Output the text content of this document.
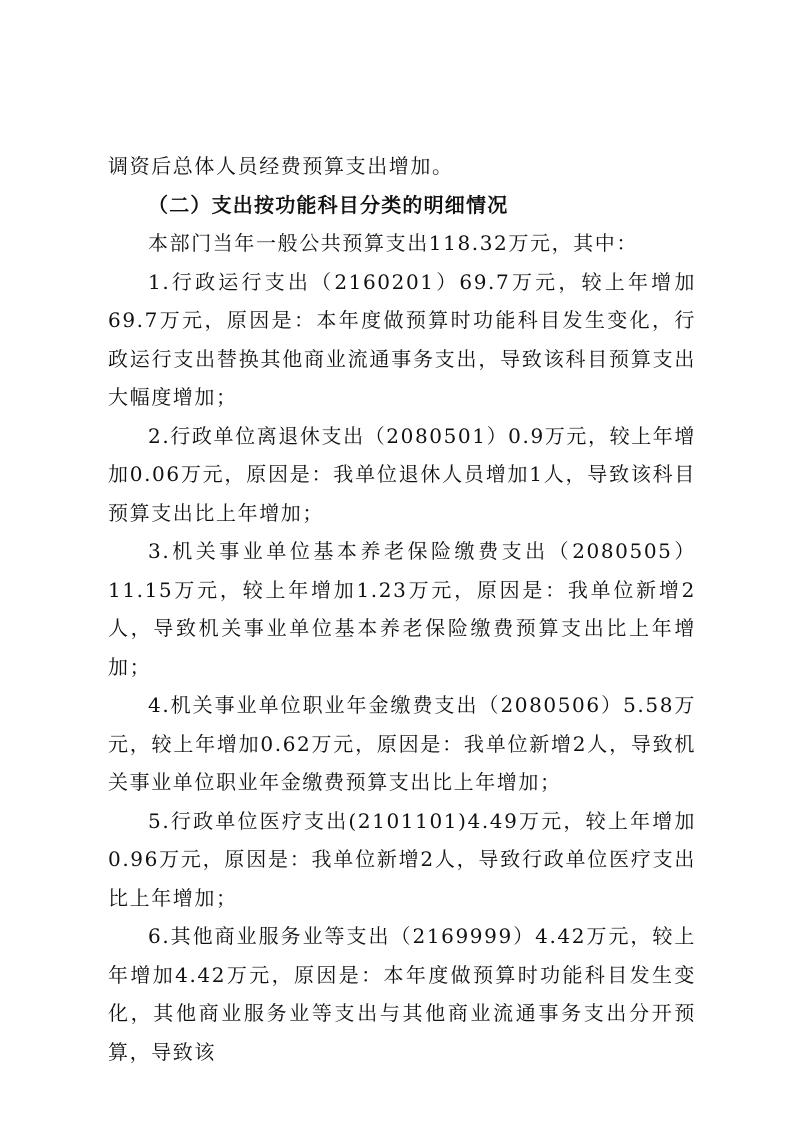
调资后总体人员经费预算支出增加。

（二）支出按功能科目分类的明细情况

本部门当年一般公共预算支出118.32万元，其中：

1.行政运行支出（2160201）69.7万元，较上年增加69.7万元，原因是：本年度做预算时功能科目发生变化，行政运行支出替换其他商业流通事务支出，导致该科目预算支出大幅度增加；

2.行政单位离退休支出（2080501）0.9万元，较上年增加0.06万元，原因是：我单位退休人员增加1人，导致该科目预算支出比上年增加；

3.机关事业单位基本养老保险缴费支出（2080505）11.15万元，较上年增加1.23万元，原因是：我单位新增2人，导致机关事业单位基本养老保险缴费预算支出比上年增加；

4.机关事业单位职业年金缴费支出（2080506）5.58万元，较上年增加0.62万元，原因是：我单位新增2人，导致机关事业单位职业年金缴费预算支出比上年增加；

5.行政单位医疗支出(2101101)4.49万元，较上年增加0.96万元，原因是：我单位新增2人，导致行政单位医疗支出比上年增加；

6.其他商业服务业等支出（2169999）4.42万元，较上年增加4.42万元，原因是：本年度做预算时功能科目发生变化，其他商业服务业等支出与其他商业流通事务支出分开预算，导致该
